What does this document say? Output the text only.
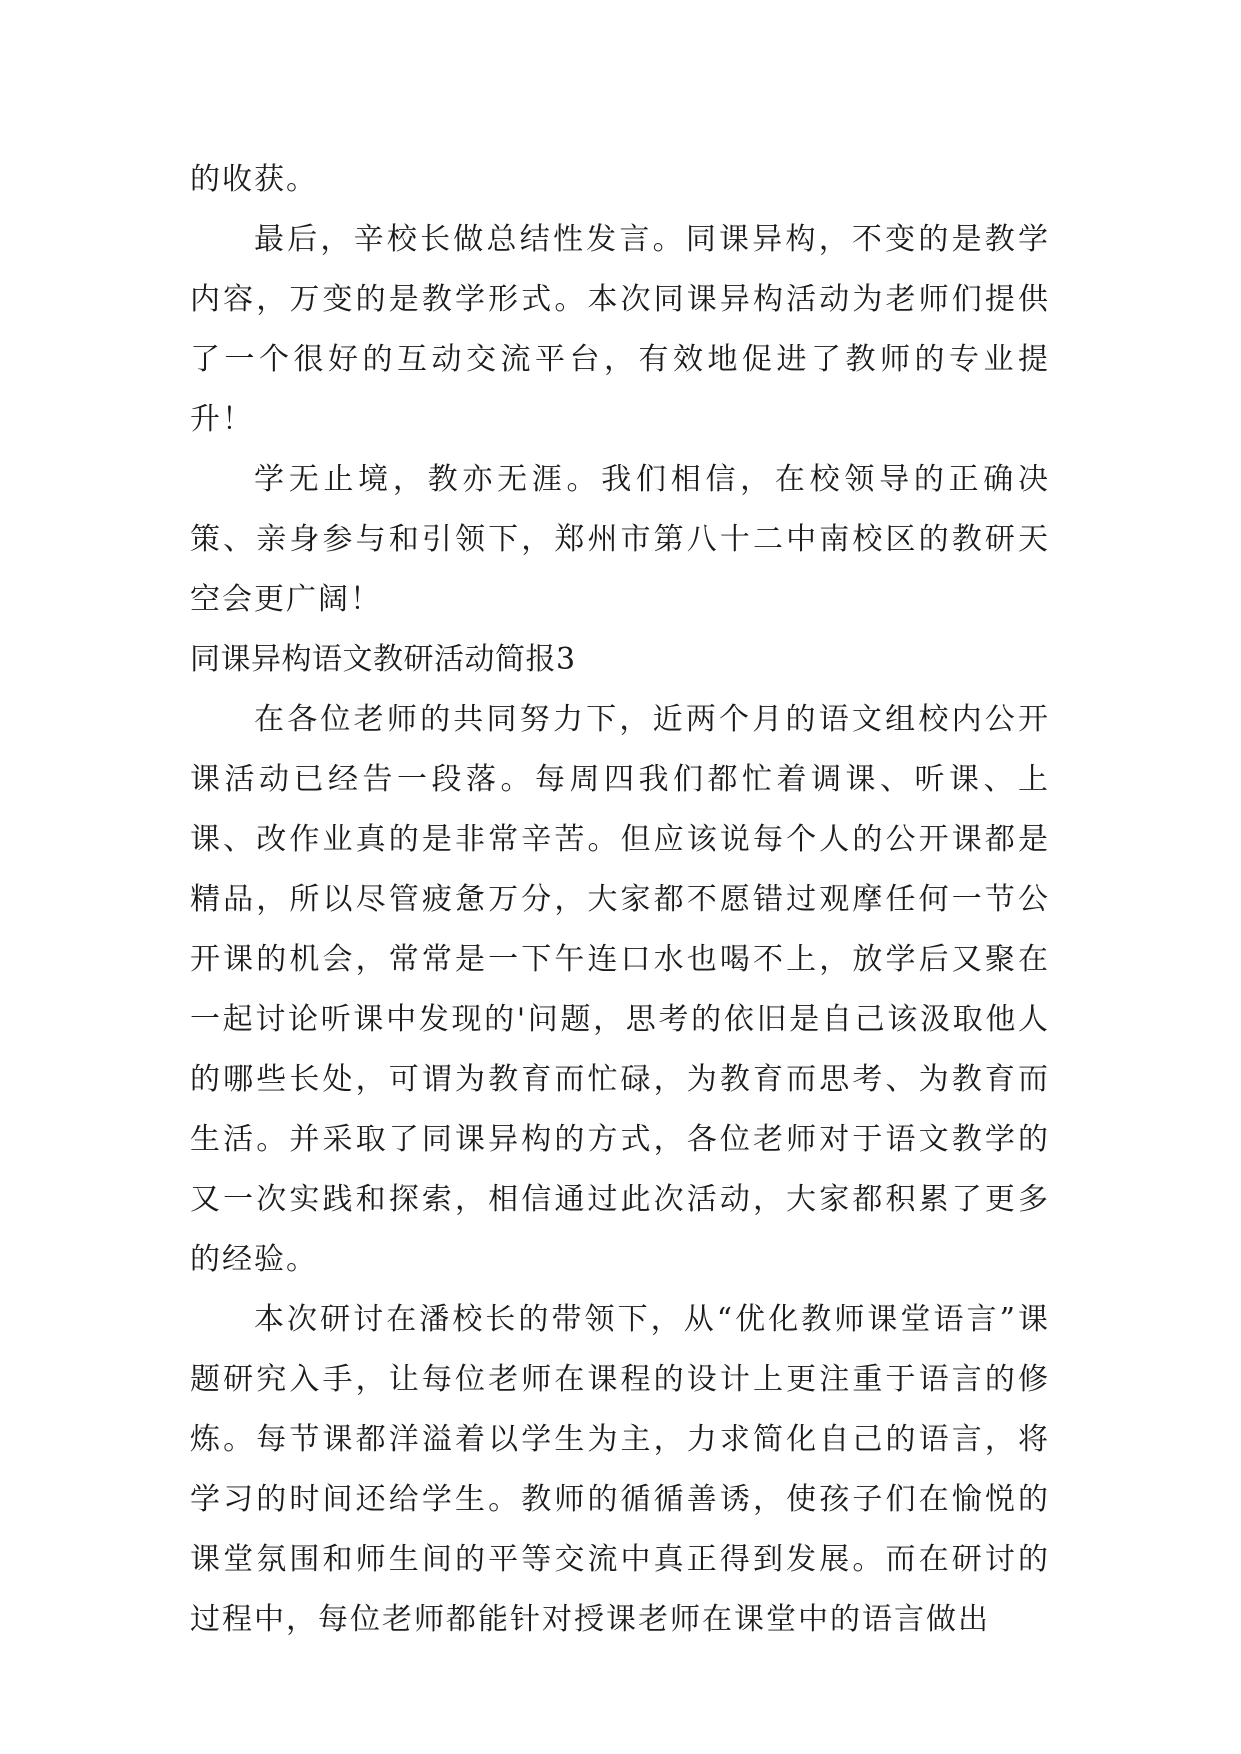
的收获。

最后，辛校长做总结性发言。同课异构，不变的是教学内容，万变的是教学形式。本次同课异构活动为老师们提供了一个很好的互动交流平台，有效地促进了教师的专业提升！

学无止境，教亦无涯。我们相信，在校领导的正确决策、亲身参与和引领下，郑州市第八十二中南校区的教研天空会更广阔！

同课异构语文教研活动简报3

在各位老师的共同努力下，近两个月的语文组校内公开课活动已经告一段落。每周四我们都忙着调课、听课、上课、改作业真的是非常辛苦。但应该说每个人的公开课都是精品，所以尽管疲惫万分，大家都不愿错过观摩任何一节公开课的机会，常常是一下午连口水也喝不上，放学后又聚在一起讨论听课中发现的'问题，思考的依旧是自己该汲取他人的哪些长处，可谓为教育而忙碌，为教育而思考、为教育而生活。并采取了同课异构的方式，各位老师对于语文教学的又一次实践和探索，相信通过此次活动，大家都积累了更多的经验。

本次研讨在潘校长的带领下，从“优化教师课堂语言”课题研究入手，让每位老师在课程的设计上更注重于语言的修炼。每节课都洋溢着以学生为主，力求简化自己的语言，将学习的时间还给学生。教师的循循善诱，使孩子们在愉悦的课堂氛围和师生间的平等交流中真正得到发展。而在研讨的过程中，每位老师都能针对授课老师在课堂中的语言做出
